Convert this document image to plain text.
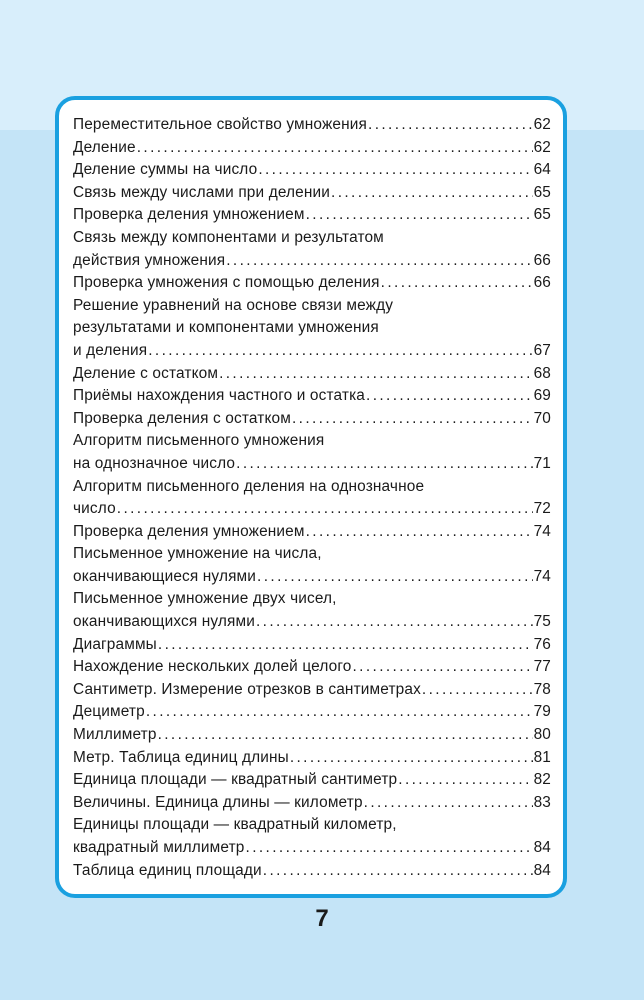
Переместительное свойство умножения .....	62
Деление .....	62
Деление суммы на число .....	64
Связь между числами при делении .....	65
Проверка деления умножением .....	65
Связь между компонентами и результатом
действия умножения .....	66
Проверка умножения с помощью деления .....	66
Решение уравнений на основе связи между
результатами и компонентами умножения
и деления .....	67
Деление с остатком .....	68
Приёмы нахождения частного и остатка .....	69
Проверка деления с остатком .....	70
Алгоритм письменного умножения
на однозначное число .....	71
Алгоритм письменного деления на однозначное
число .....	72
Проверка деления умножением .....	74
Письменное умножение на числа,
оканчивающиеся нулями .....	74
Письменное умножение двух чисел,
оканчивающихся нулями .....	75
Диаграммы .....	76
Нахождение нескольких долей целого .....	77
Сантиметр. Измерение отрезков в сантиметрах .....	78
Дециметр .....	79
Миллиметр .....	80
Метр. Таблица единиц длины .....	81
Единица площади — квадратный сантиметр .....	82
Величины. Единица длины — километр .....	83
Единицы площади — квадратный километр,
квадратный миллиметр .....	84
Таблица единиц площади .....	84
7
